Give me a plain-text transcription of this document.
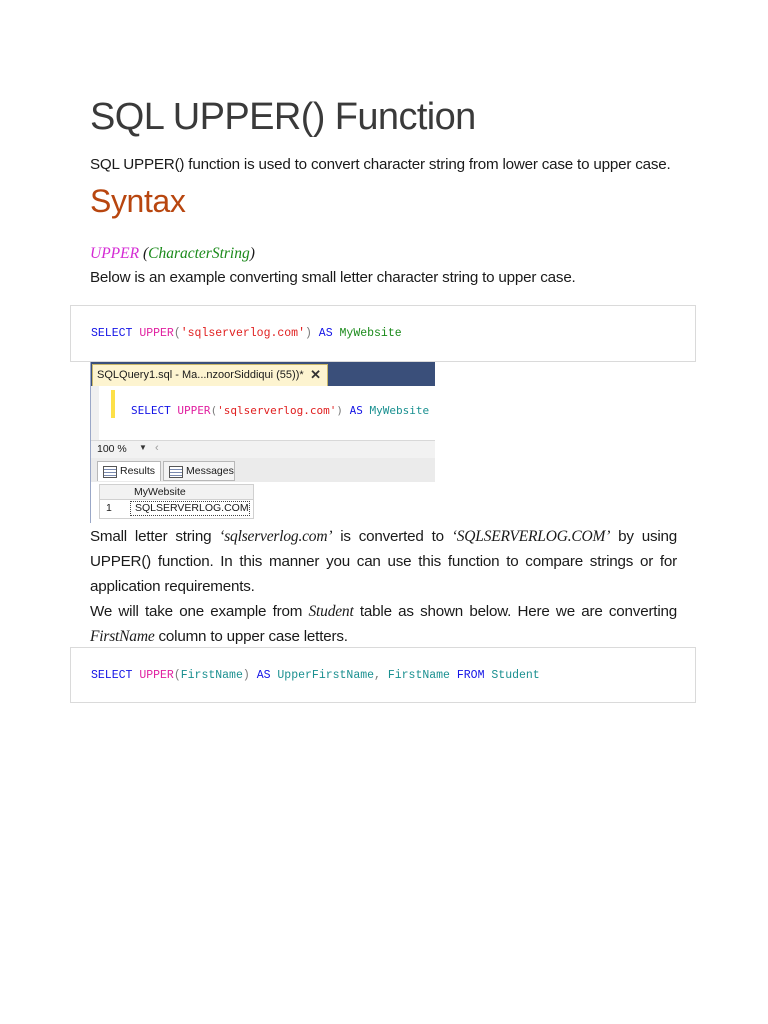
SQL UPPER() Function

SQL UPPER() function is used to convert character string from lower case to upper case.

Syntax

UPPER (CharacterString)

Below is an example converting small letter character string to upper case.

SELECT UPPER('sqlserverlog.com') AS MyWebsite
SQLQuery1.sql - Ma...nzoorSiddiqui (55))* ✕
SELECT UPPER('sqlserverlog.com') AS MyWebsite
100 % ▼ ‹
Results	Messages
MyWebsite
1 SQLSERVERLOG.COM

Small letter string ‘sqlserverlog.com’ is converted to ‘SQLSERVERLOG.COM’ by using UPPER() function. In this manner you can use this function to compare strings or for application requirements.

We will take one example from Student table as shown below. Here we are converting FirstName column to upper case letters.

SELECT UPPER(FirstName) AS UpperFirstName, FirstName FROM Student
